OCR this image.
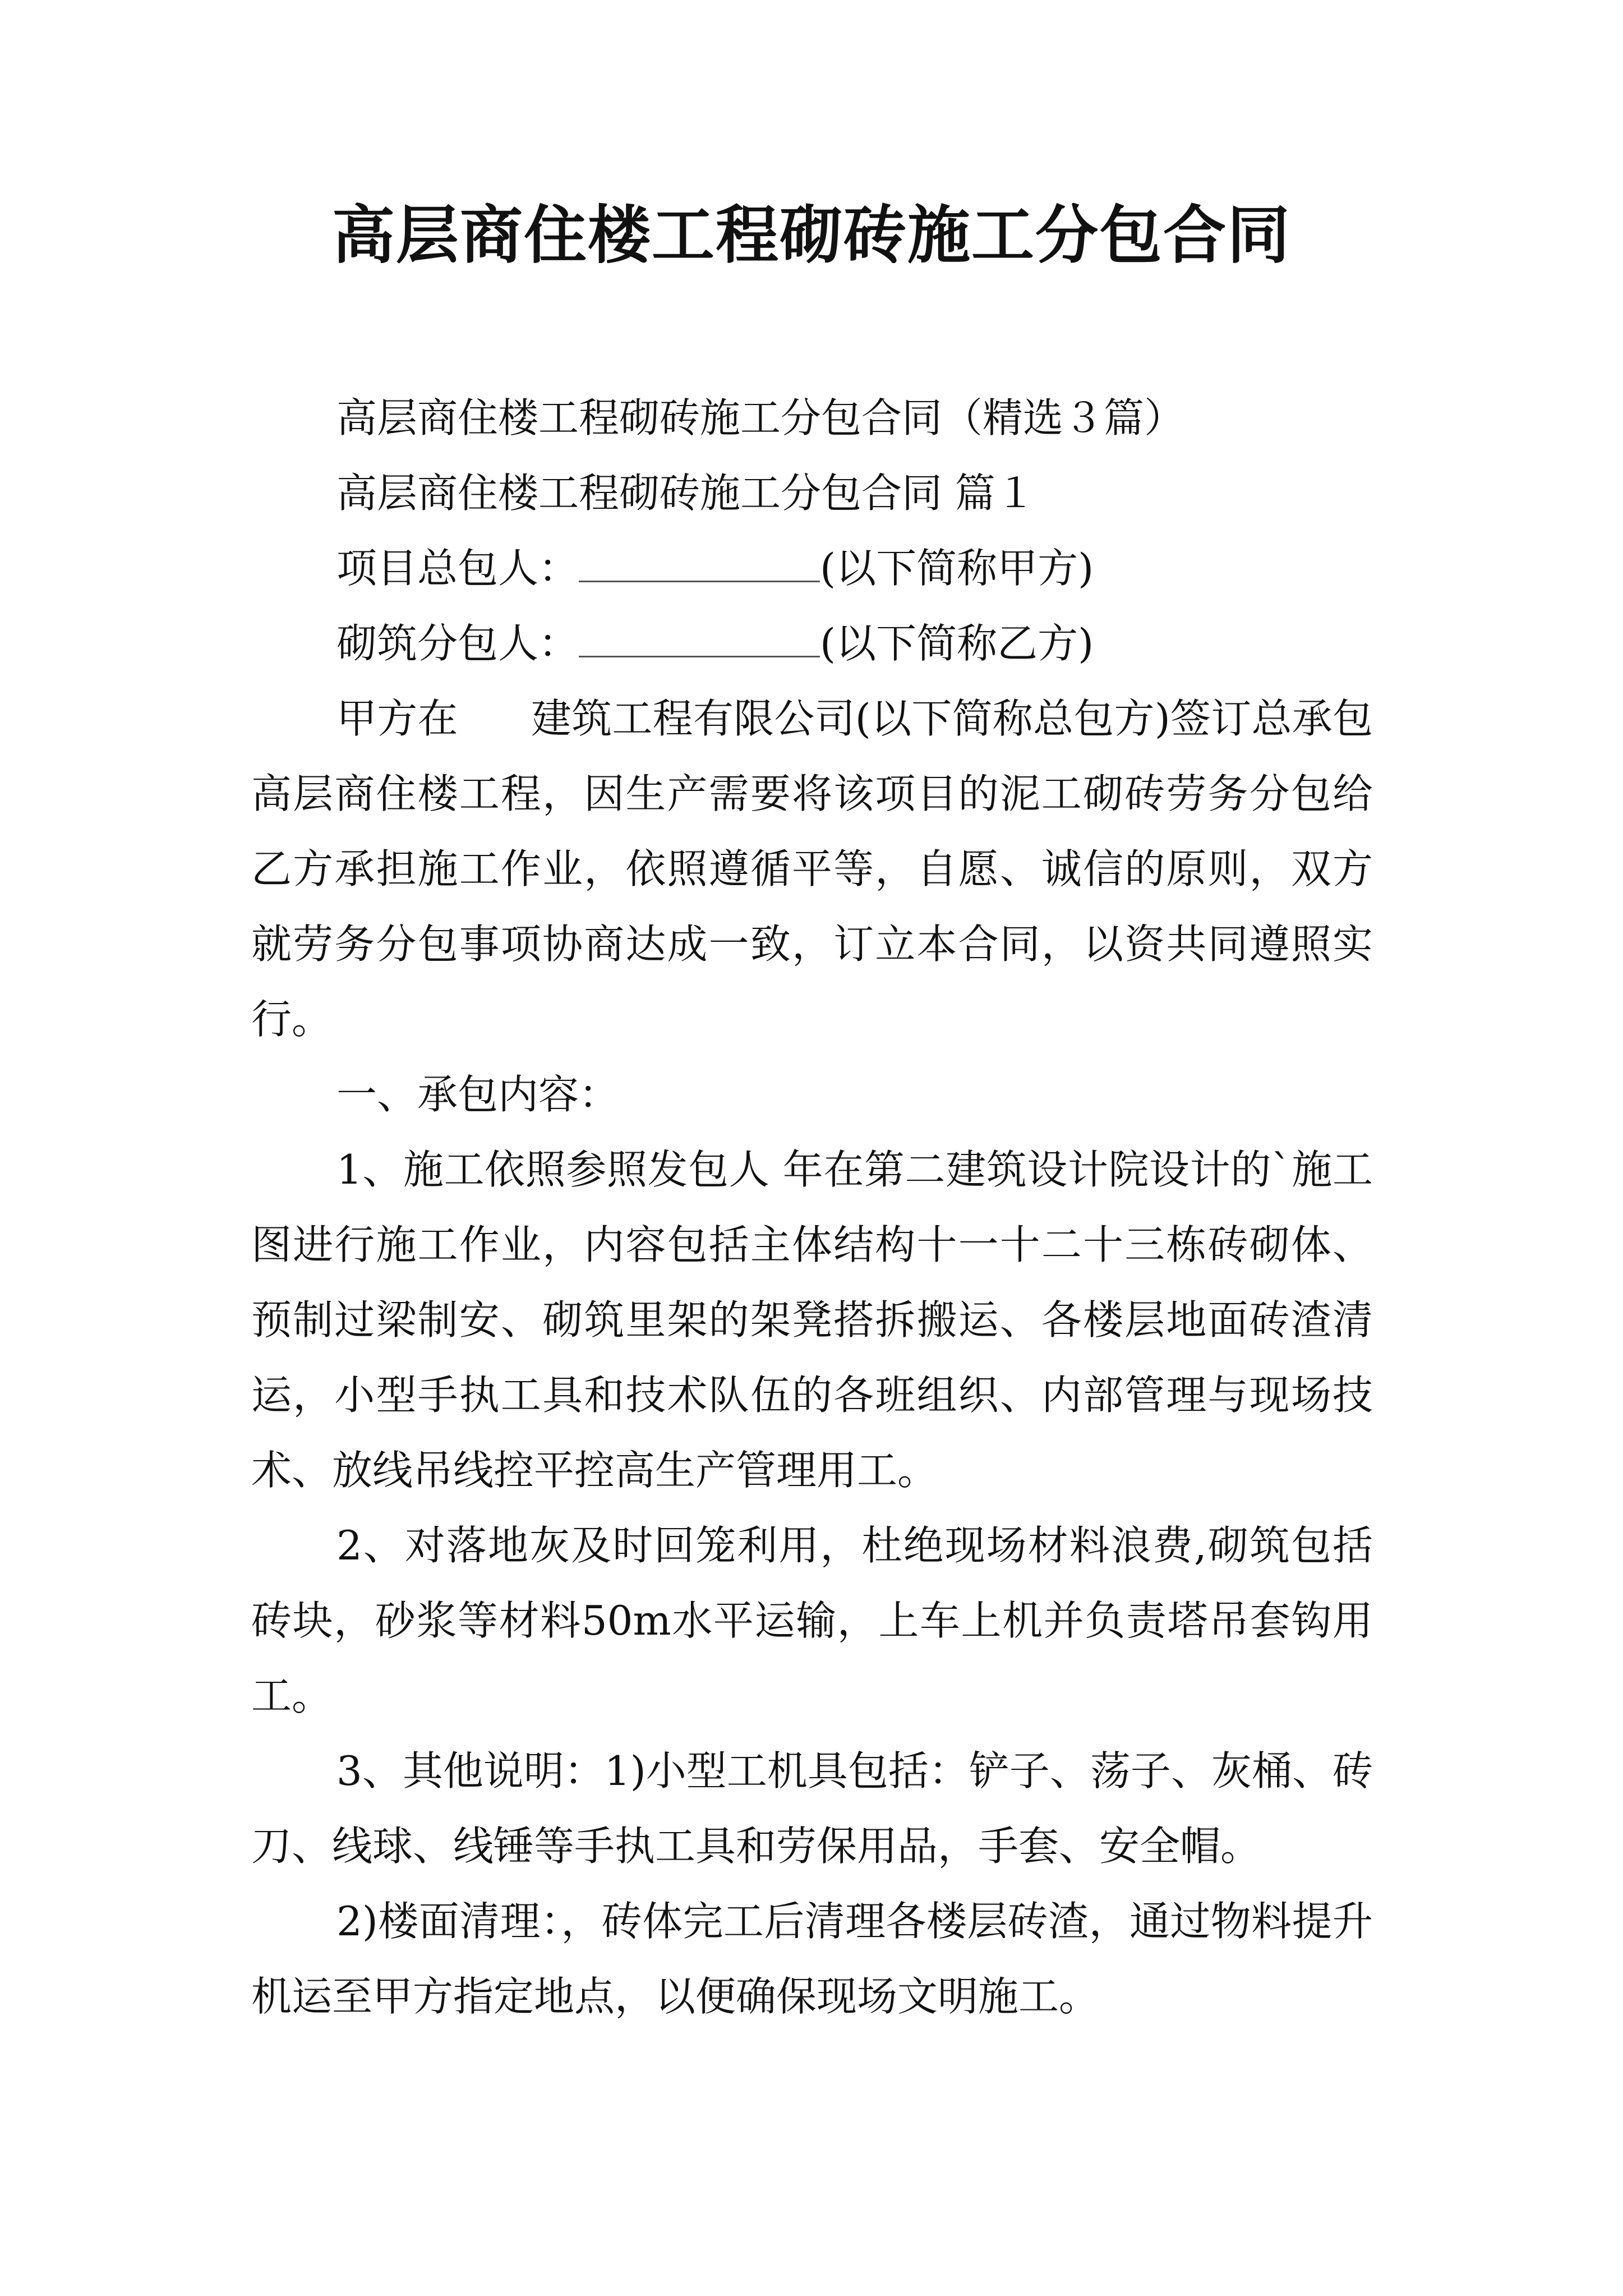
高层商住楼工程砌砖施工分包合同

高层商住楼工程砌砖施工分包合同（精选３篇）

高层商住楼工程砌砖施工分包合同 篇１

项目总包人：	(以下简称甲方)

砌筑分包人：	(以下简称乙方)

甲方在 建筑工程有限公司(以下简称总包方)签订总承包高层商住楼工程，因生产需要将该项目的泥工砌砖劳务分包给乙方承担施工作业，依照遵循平等，自愿、诚信的原则，双方就劳务分包事项协商达成一致，订立本合同，以资共同遵照实行。

一、承包内容：

1、施工依照参照发包人 年在第二建筑设计院设计的`施工图进行施工作业，内容包括主体结构十一十二十三栋砖砌体、预制过梁制安、砌筑里架的架凳搭拆搬运、各楼层地面砖渣清运，小型手执工具和技术队伍的各班组织、内部管理与现场技术、放线吊线控平控高生产管理用工。

2、对落地灰及时回笼利用，杜绝现场材料浪费,砌筑包括砖块，砂浆等材料50m水平运输，上车上机并负责塔吊套钩用工。

3、其他说明：1)小型工机具包括：铲子、荡子、灰桶、砖刀、线球、线锤等手执工具和劳保用品，手套、安全帽。

2)楼面清理：，砖体完工后清理各楼层砖渣，通过物料提升机运至甲方指定地点，以便确保现场文明施工。
